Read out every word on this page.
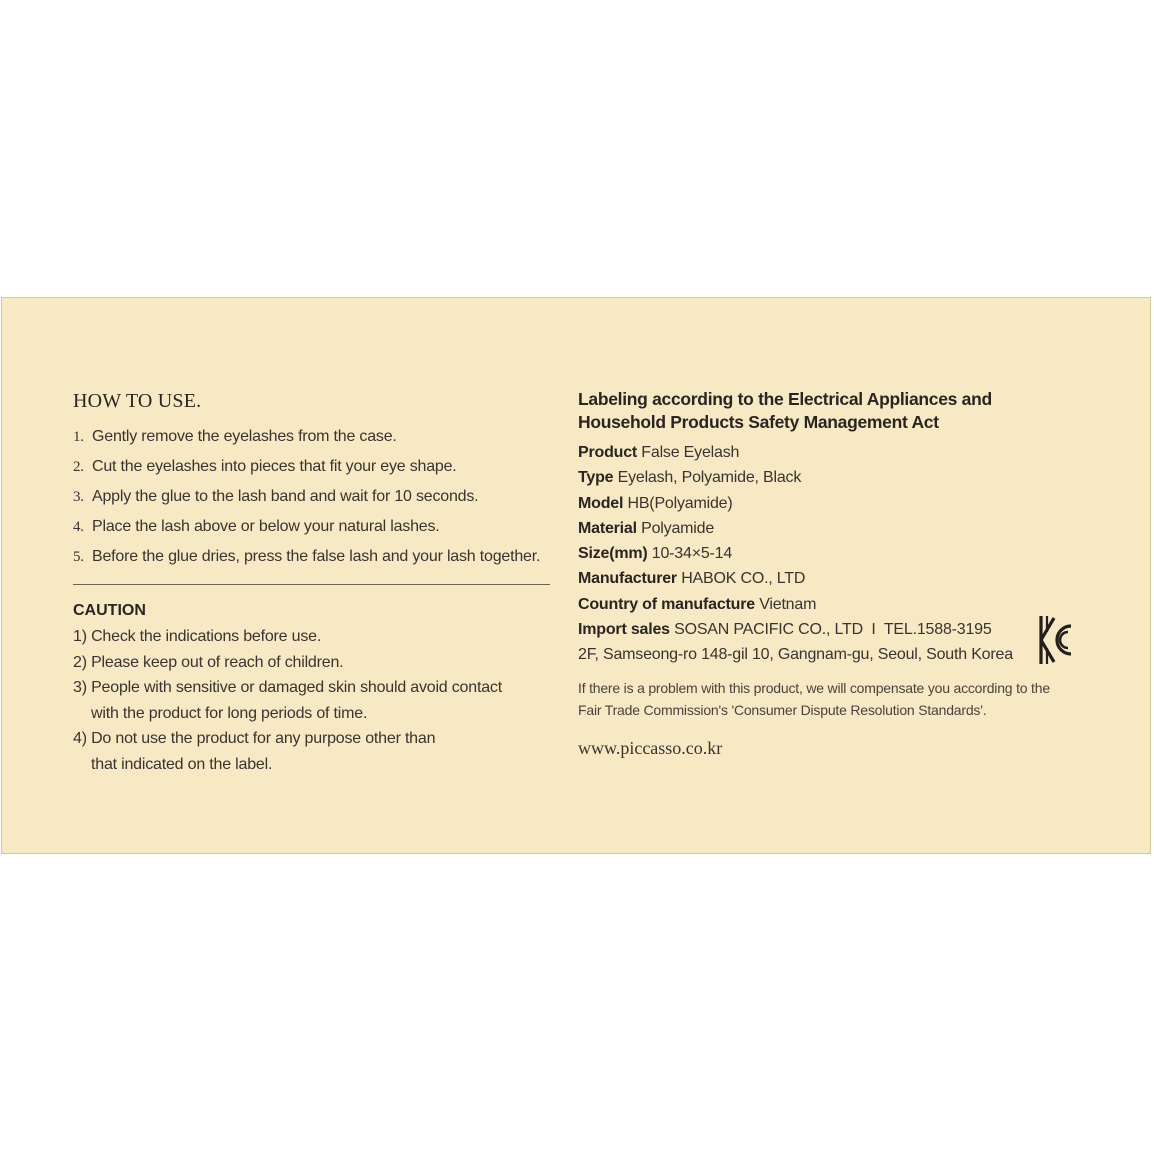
HOW TO USE.
1. Gently remove the eyelashes from the case.
2. Cut the eyelashes into pieces that fit your eye shape.
3. Apply the glue to the lash band and wait for 10 seconds.
4. Place the lash above or below your natural lashes.
5. Before the glue dries, press the false lash and your lash together.
CAUTION
1) Check the indications before use.
2) Please keep out of reach of children.
3) People with sensitive or damaged skin should avoid contact
with the product for long periods of time.
4) Do not use the product for any purpose other than
that indicated on the label.
Labeling according to the Electrical Appliances and
Household Products Safety Management Act
Product False Eyelash
Type Eyelash, Polyamide, Black
Model HB(Polyamide)
Material Polyamide
Size(mm) 10-34×5-14
Manufacturer HABOK CO., LTD
Country of manufacture Vietnam
Import sales SOSAN PACIFIC CO., LTD  I  TEL.1588-3195
2F, Samseong-ro 148-gil 10, Gangnam-gu, Seoul, South Korea
If there is a problem with this product, we will compensate you according to the
Fair Trade Commission's 'Consumer Dispute Resolution Standards'.
www.piccasso.co.kr
